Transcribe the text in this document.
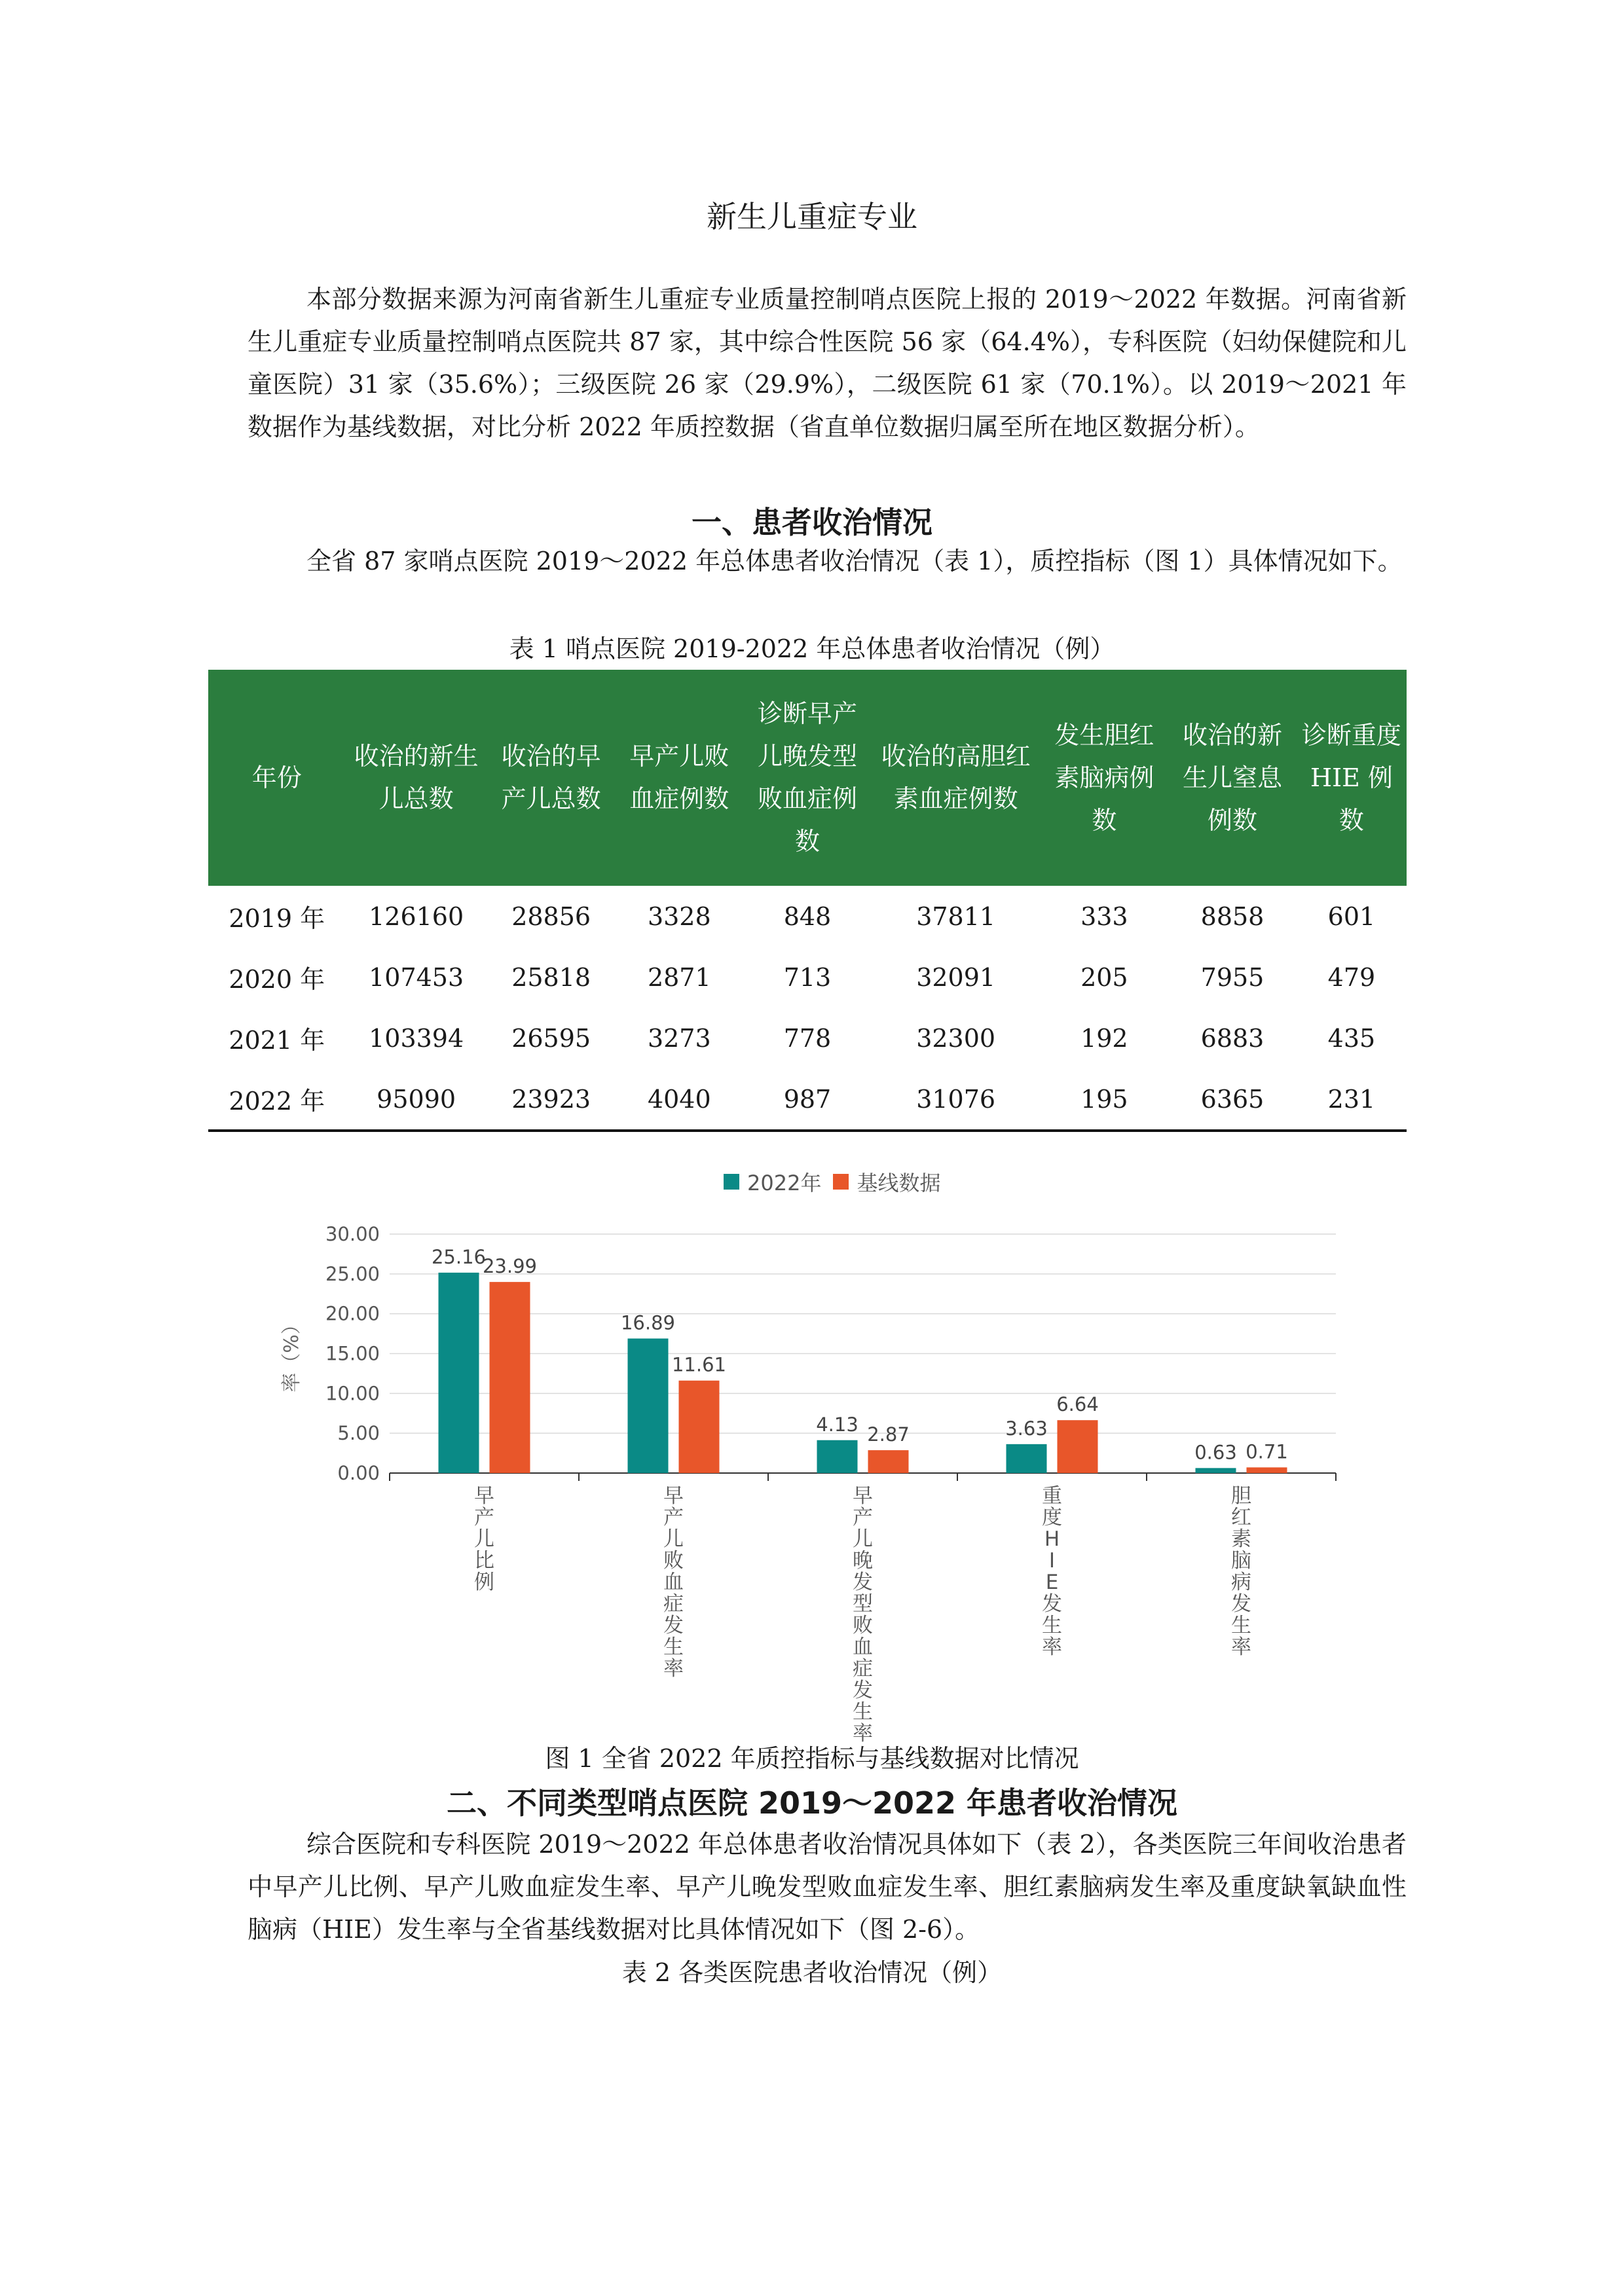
新生儿重症专业

本部分数据来源为河南省新生儿重症专业质量控制哨点医院上报的 2019～2022 年数据。河南省新生儿重症专业质量控制哨点医院共 87 家，其中综合性医院 56 家（64.4%），专科医院（妇幼保健院和儿童医院）31 家（35.6%）；三级医院 26 家（29.9%），二级医院 61 家（70.1%）。以 2019～2021 年数据作为基线数据，对比分析 2022 年质控数据（省直单位数据归属至所在地区数据分析）。

一、患者收治情况

全省 87 家哨点医院 2019～2022 年总体患者收治情况（表 1），质控指标（图 1）具体情况如下。

表 1 哨点医院 2019-2022 年总体患者收治情况（例）
年份	收治的新生儿总数	收治的早产儿总数	早产儿败血症例数	诊断早产儿晚发型败血症例数	收治的高胆红素血症例数	发生胆红素脑病例数	收治的新生儿窒息例数	诊断重度HIE 例数
2019 年	126160	28856	3328	848	37811	333	8858	601
2020 年	107453	25818	2871	713	32091	205	7955	479
2021 年	103394	26595	3273	778	32300	192	6883	435
2022 年	95090	23923	4040	987	31076	195	6365	231
2022年 基线数据
0.00
5.00
10.00
15.00
20.00
25.00
30.00
率（%）
25.16
23.99
早产儿比例
16.89
11.61
早产儿败血症发生率
4.13 2.87
早产儿晚发型败血症发生率
3.63
6.64
重度 H I E 发生率
0.63 0.71
胆红素脑病发生率
图 1 全省 2022 年质控指标与基线数据对比情况
二、不同类型哨点医院 2019～2022 年患者收治情况

综合医院和专科医院 2019～2022 年总体患者收治情况具体如下（表 2），各类医院三年间收治患者中早产儿比例、早产儿败血症发生率、早产儿晚发型败血症发生率、胆红素脑病发生率及重度缺氧缺血性脑病（HIE）发生率与全省基线数据对比具体情况如下（图 2-6）。

表 2 各类医院患者收治情况（例）
